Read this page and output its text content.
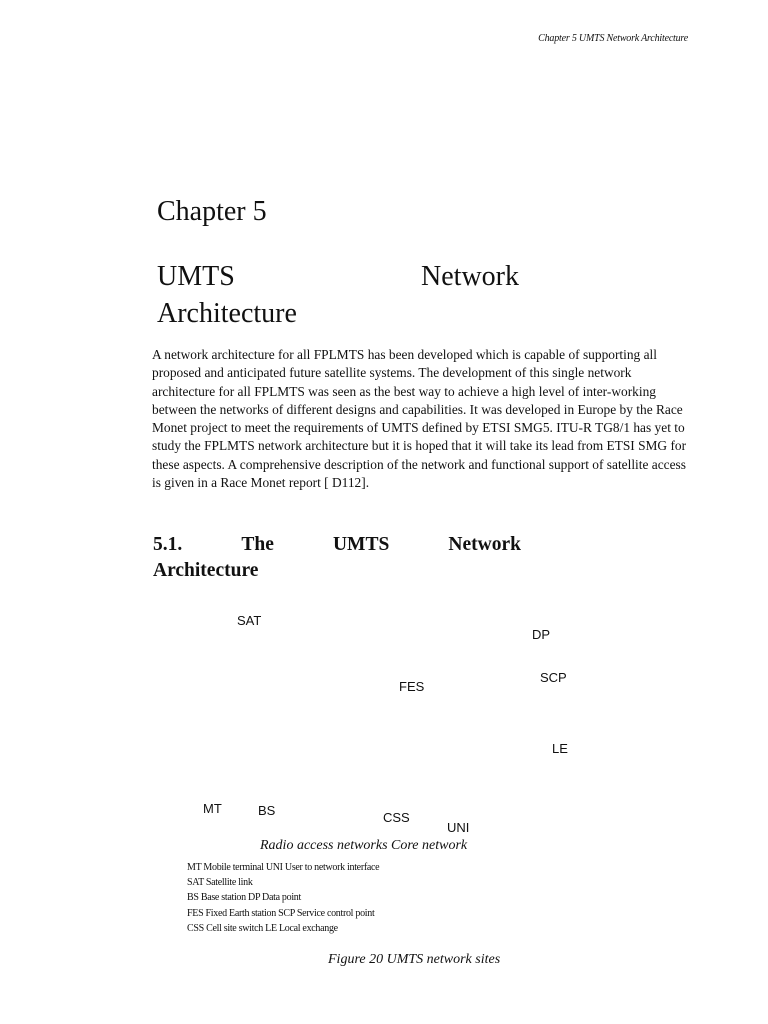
Chapter 5 UMTS Network Architecture
Chapter 5
UMTS	Network
Architecture

A network architecture for all FPLMTS has been developed which is capable of supporting all proposed and anticipated future satellite systems. The development of this single network architecture for all FPLMTS was seen as the best way to achieve a high level of inter-working between the networks of different designs and capabilities. It was developed in Europe by the Race Monet project to meet the requirements of UMTS defined by ETSI SMG5. ITU-R TG8/1 has yet to study the FPLMTS network architecture but it is hoped that it will take its lead from ETSI SMG for these aspects. A comprehensive description of the network and functional support of satellite access is given in a Race Monet report [ D112].

5.1.	The	UMTS	Network
Architecture
SAT
DP
SCP
FES
LE
MT	BS	CSS
UNI
Radio access networks Core network
MT Mobile terminal UNI User to network interface
SAT Satellite link
BS Base station DP Data point
FES Fixed Earth station SCP Service control point
CSS Cell site switch LE Local exchange
Figure 20 UMTS network sites
